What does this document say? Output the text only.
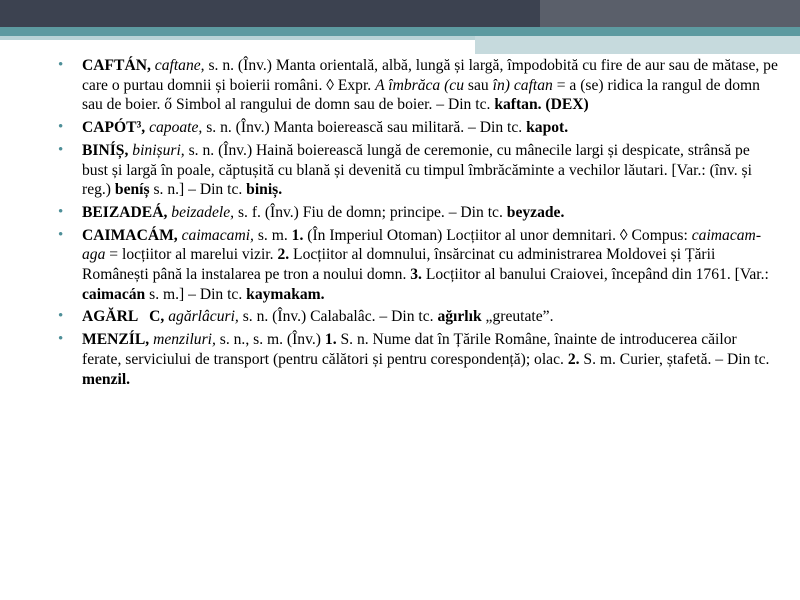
• CAFTÁN, caftane, s. n. (Înv.) Manta orientală, albă, lungă și largă, împodobită cu fire de aur sau de mătase, pe care o purtau domnii și boierii români. ◊ Expr. A îmbrăca (cu sau în) caftan = a (se) ridica la rangul de domn sau de boier. ő Simbol al rangului de domn sau de boier. – Din tc. kaftan. (DEX)
• CAPÓT³, capoate, s. n. (Înv.) Manta boierească sau militară. – Din tc. kapot.
• BINÍȘ, binișuri, s. n. (Înv.) Haină boierească lungă de ceremonie, cu mânecile largi și despicate, strânsă pe bust și largă în poale, căptușită cu blană și devenită cu timpul îmbrăcăminte a vechilor lăutari. [Var.: (înv. și reg.) beníș s. n.] – Din tc. biniș.
• BEIZADEÁ, beizadele, s. f. (Înv.) Fiu de domn; principe. – Din tc. beyzade.
• CAIMACÁM, caimacami, s. m. 1. (În Imperiul Otoman) Locțiitor al unor demnitari. ◊ Compus: caimacam-aga = locțiitor al marelui vizir. 2. Locțiitor al domnului, însărcinat cu administrarea Moldovei și Țării Românești până la instalarea pe tron a noului domn. 3. Locțiitor al banului Craiovei, începând din 1761. [Var.: caimacán s. m.] – Din tc. kaymakam.
• AGĂRL   C, agărlâcuri, s. n. (Înv.) Calabalâc. – Din tc. ağırlık „greutate”.
• MENZÍL, menziluri, s. n., s. m. (Înv.) 1. S. n. Nume dat în Țările Române, înainte de introducerea căilor ferate, serviciului de transport (pentru călători și pentru corespondență); olac. 2. S. m. Curier, ștafetă. – Din tc. menzil.
